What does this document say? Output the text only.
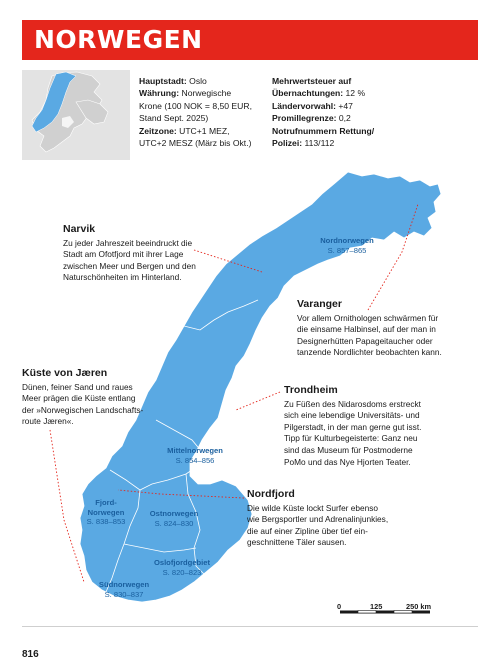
NORWEGEN
Hauptstadt: Oslo
Währung: Norwegische
Krone (100 NOK = 8,50 EUR,
Stand Sept. 2025)
Zeitzone: UTC+1 MEZ,
UTC+2 MESZ (März bis Okt.)
Mehrwertsteuer auf
Übernachtungen: 12 %
Ländervorwahl: +47
Promillegrenze: 0,2
Notrufnummern Rettung/
Polizei: 113/112
Narvik
Zu jeder Jahreszeit beeindruckt die
Stadt am Ofotfjord mit ihrer Lage
zwischen Meer und Bergen und den
Naturschönheiten im Hinterland.
Varanger
Vor allem Ornithologen schwärmen für
die einsame Halbinsel, auf der man in
Designerhütten Papageitaucher oder
tanzende Nordlichter beobachten kann.
Küste von Jæren
Dünen, feiner Sand und raues
Meer prägen die Küste entlang
der »Norwegischen Landschafts-
route Jæren«.
Trondheim
Zu Füßen des Nidarosdoms erstreckt
sich eine lebendige Universitäts- und
Pilgerstadt, in der man gerne gut isst.
Tipp für Kulturbegeisterte: Ganz neu
sind das Museum für Postmoderne
PoMo und das Nye Hjorten Teater.
Nordfjord
Die wilde Küste lockt Surfer ebenso
wie Bergsportler und Adrenalinjunkies,
die auf einer Zipline über tief ein-
geschnittene Täler sausen.
Nordnorwegen
S. 857–865
Mittelnorwegen
S. 854–856
Fjord-
Norwegen
S. 838–853
Ostnorwegen
S. 824–830
Oslofjordgebiet
S. 820–823
Südnorwegen
S. 830–837
0	125	250 km
816
